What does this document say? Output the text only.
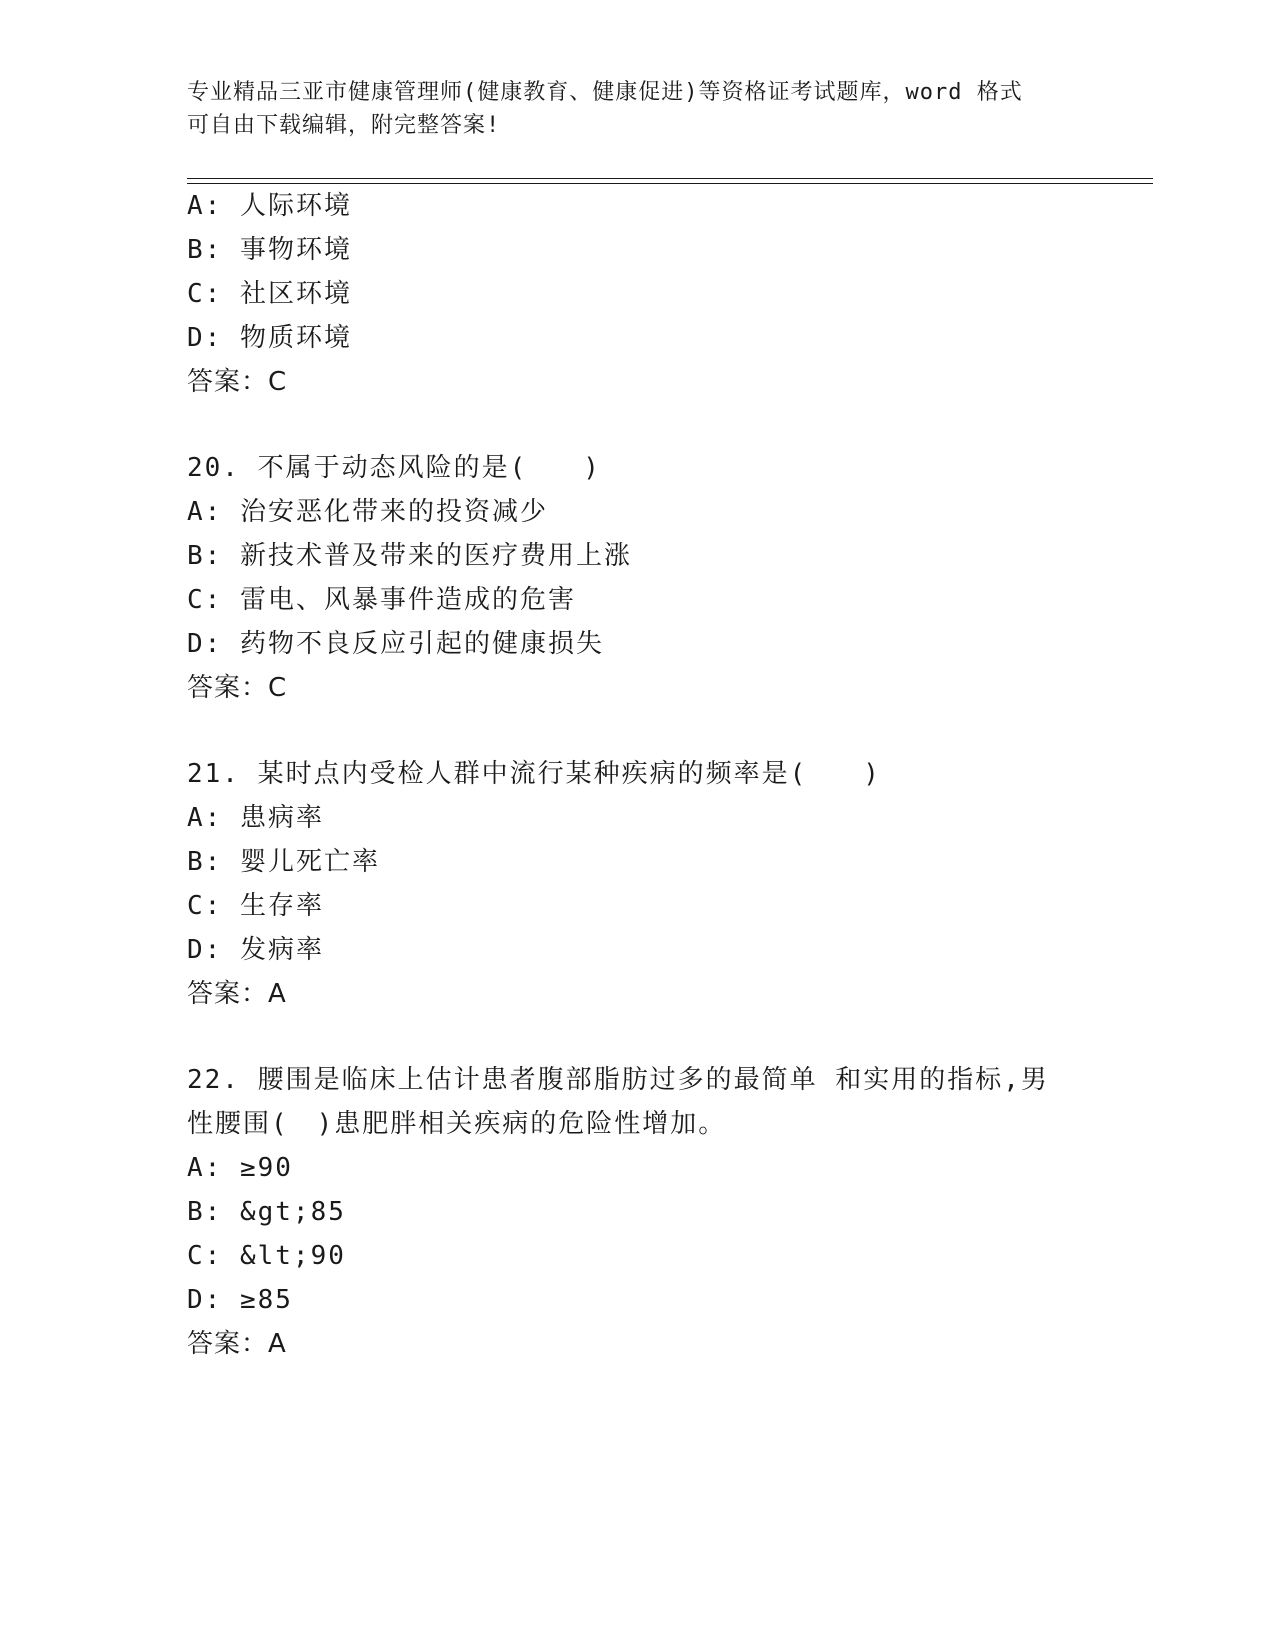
专业精品三亚市健康管理师(健康教育、健康促进)等资格证考试题库，word 格式
可自由下载编辑，附完整答案!
A: 人际环境
B: 事物环境
C: 社区环境
D: 物质环境
答案：C
20. 不属于动态风险的是(　　)
A: 治安恶化带来的投资减少
B: 新技术普及带来的医疗费用上涨
C: 雷电、风暴事件造成的危害
D: 药物不良反应引起的健康损失
答案：C
21. 某时点内受检人群中流行某种疾病的频率是(　　)
A: 患病率
B: 婴儿死亡率
C: 生存率
D: 发病率
答案：A
22. 腰围是临床上估计患者腹部脂肪过多的最简单 和实用的指标,男
性腰围(　)患肥胖相关疾病的危险性增加。
A: ≥90
B: &gt;85
C: &lt;90
D: ≥85
答案：A
